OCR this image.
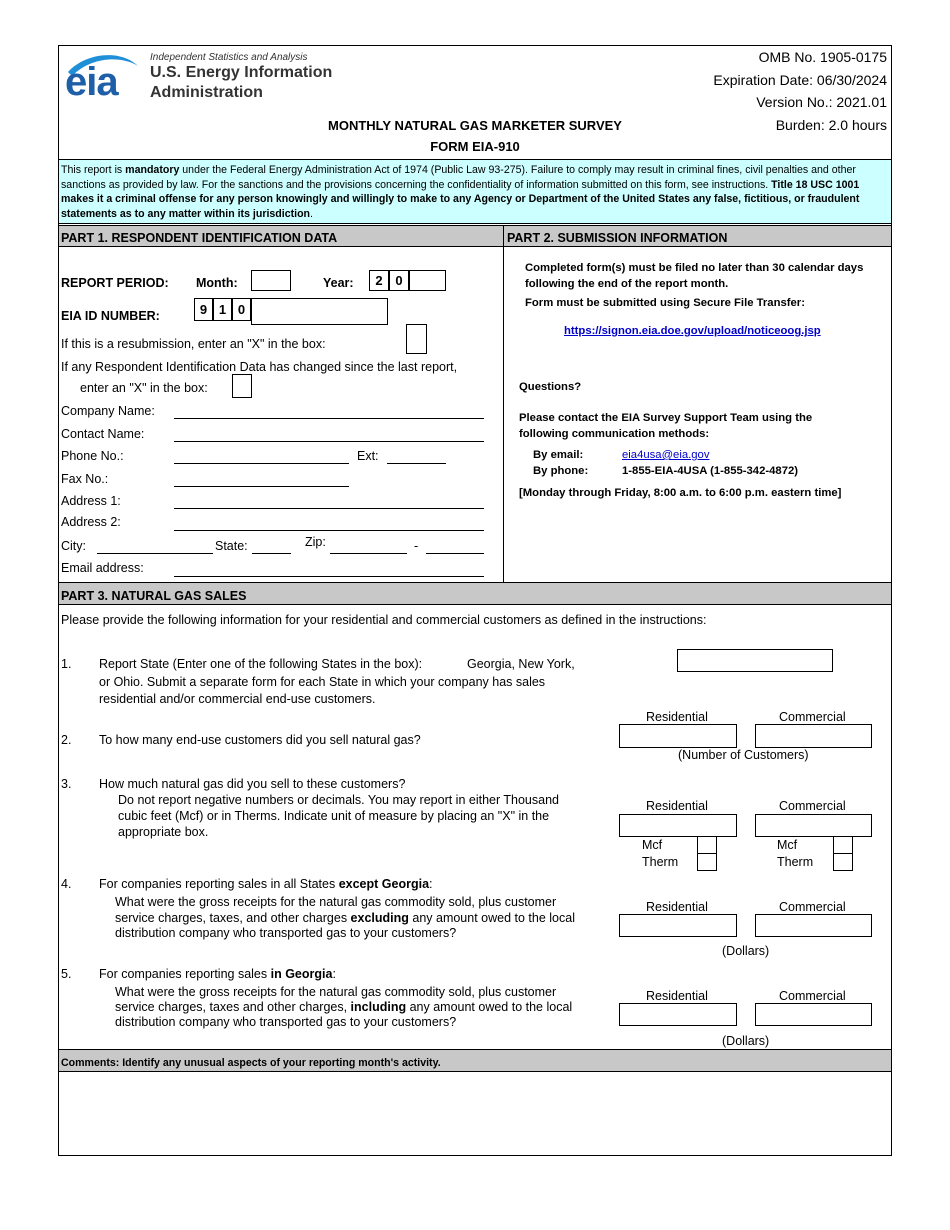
eia
Independent Statistics and Analysis
U.S. Energy Information
Administration
OMB No. 1905-0175
Expiration Date: 06/30/2024
Version No.: 2021.01
Burden: 2.0 hours
MONTHLY NATURAL GAS MARKETER SURVEY
FORM EIA-910
This report is mandatory under the Federal Energy Administration Act of 1974 (Public Law 93-275). Failure to comply may result in criminal fines, civil penalties and other sanctions as provided by law. For the sanctions and the provisions concerning the confidentiality of information submitted on this form, see instructions. Title 18 USC 1001 makes it a criminal offense for any person knowingly and willingly to make to any Agency or Department of the United States any false, fictitious, or fraudulent statements as to any matter within its jurisdiction.
PART 1. RESPONDENT IDENTIFICATION DATA	PART 2. SUBMISSION INFORMATION
REPORT PERIOD: Month:	Year:	2 0
EIA ID NUMBER:	9 1 0
If this is a resubmission, enter an "X" in the box:
If any Respondent Identification Data has changed since the last report,
enter an "X" in the box:
Company Name:
Contact Name:
Phone No.:	Ext:
Fax No.:
Address 1:
Address 2:
City:	State:	Zip:	-
Email address:
Completed form(s) must be filed no later than 30 calendar days following the end of the report month.
Form must be submitted using Secure File Transfer:
https://signon.eia.doe.gov/upload/noticeoog.jsp
Questions?
Please contact the EIA Survey Support Team using the following communication methods:
By email:	eia4usa@eia.gov
By phone:	1-855-EIA-4USA (1-855-342-4872)
[Monday through Friday, 8:00 a.m. to 6:00 p.m. eastern time]
PART 3. NATURAL GAS SALES
Please provide the following information for your residential and commercial customers as defined in the instructions:
1. Report State (Enter one of the following States in the box):	Georgia, New York,
or Ohio. Submit a separate form for each State in which your company has sales
residential and/or commercial end-use customers.
Residential	Commercial
2. To how many end-use customers did you sell natural gas?
(Number of Customers)
3. How much natural gas did you sell to these customers?
Do not report negative numbers or decimals. You may report in either Thousand
cubic feet (Mcf) or in Therms. Indicate unit of measure by placing an "X" in the
appropriate box.
Residential	Commercial
Mcf
Therm
Mcf
Therm
4. For companies reporting sales in all States except Georgia:
What were the gross receipts for the natural gas commodity sold, plus customer
service charges, taxes, and other charges excluding any amount owed to the local
distribution company who transported gas to your customers?
Residential	Commercial
(Dollars)
5. For companies reporting sales in Georgia:
What were the gross receipts for the natural gas commodity sold, plus customer
service charges, taxes and other charges, including any amount owed to the local
distribution company who transported gas to your customers?
Residential	Commercial
(Dollars)
Comments: Identify any unusual aspects of your reporting month's activity.
